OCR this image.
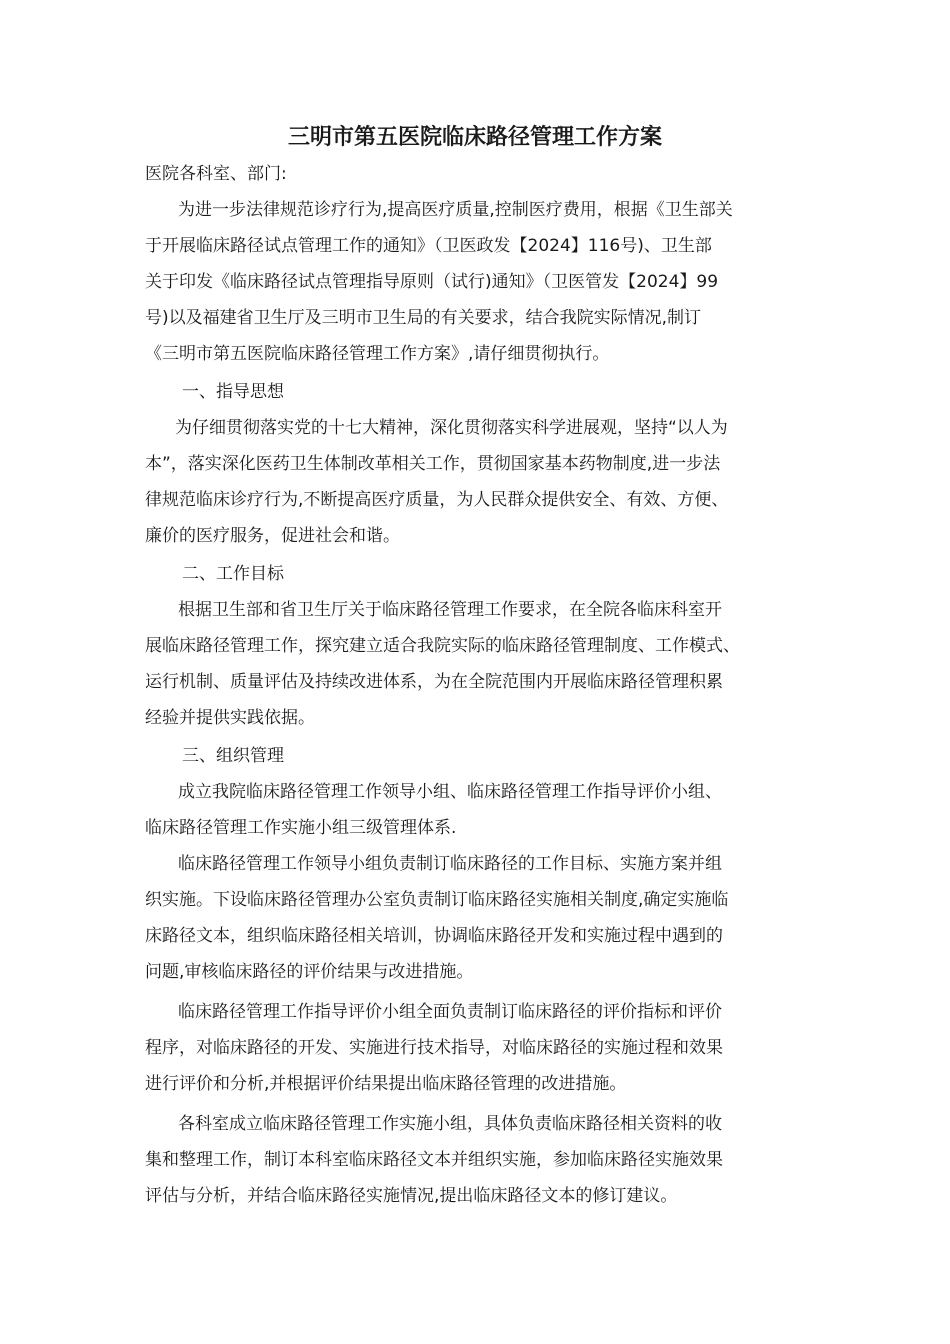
三明市第五医院临床路径管理工作方案
医院各科室、部门:
为进一步法律规范诊疗行为,提高医疗质量,控制医疗费用，根据《卫生部关
于开展临床路径试点管理工作的通知》（卫医政发【2024】116号)、卫生部
关于印发《临床路径试点管理指导原则（试行)通知》（卫医管发【2024】99
号)以及福建省卫生厅及三明市卫生局的有关要求，结合我院实际情况,制订
《三明市第五医院临床路径管理工作方案》,请仔细贯彻执行。
一、指导思想
为仔细贯彻落实党的十七大精神，深化贯彻落实科学进展观，坚持“以人为
本”，落实深化医药卫生体制改革相关工作，贯彻国家基本药物制度,进一步法
律规范临床诊疗行为,不断提高医疗质量，为人民群众提供安全、有效、方便、
廉价的医疗服务，促进社会和谐。
二、工作目标
根据卫生部和省卫生厅关于临床路径管理工作要求，在全院各临床科室开
展临床路径管理工作，探究建立适合我院实际的临床路径管理制度、工作模式、
运行机制、质量评估及持续改进体系，为在全院范围内开展临床路径管理积累
经验并提供实践依据。
三、组织管理
成立我院临床路径管理工作领导小组、临床路径管理工作指导评价小组、
临床路径管理工作实施小组三级管理体系.
临床路径管理工作领导小组负责制订临床路径的工作目标、实施方案并组
织实施。下设临床路径管理办公室负责制订临床路径实施相关制度,确定实施临
床路径文本，组织临床路径相关培训，协调临床路径开发和实施过程中遇到的
问题,审核临床路径的评价结果与改进措施。
临床路径管理工作指导评价小组全面负责制订临床路径的评价指标和评价
程序，对临床路径的开发、实施进行技术指导，对临床路径的实施过程和效果
进行评价和分析,并根据评价结果提出临床路径管理的改进措施。
各科室成立临床路径管理工作实施小组，具体负责临床路径相关资料的收
集和整理工作，制订本科室临床路径文本并组织实施，参加临床路径实施效果
评估与分析，并结合临床路径实施情况,提出临床路径文本的修订建议。
